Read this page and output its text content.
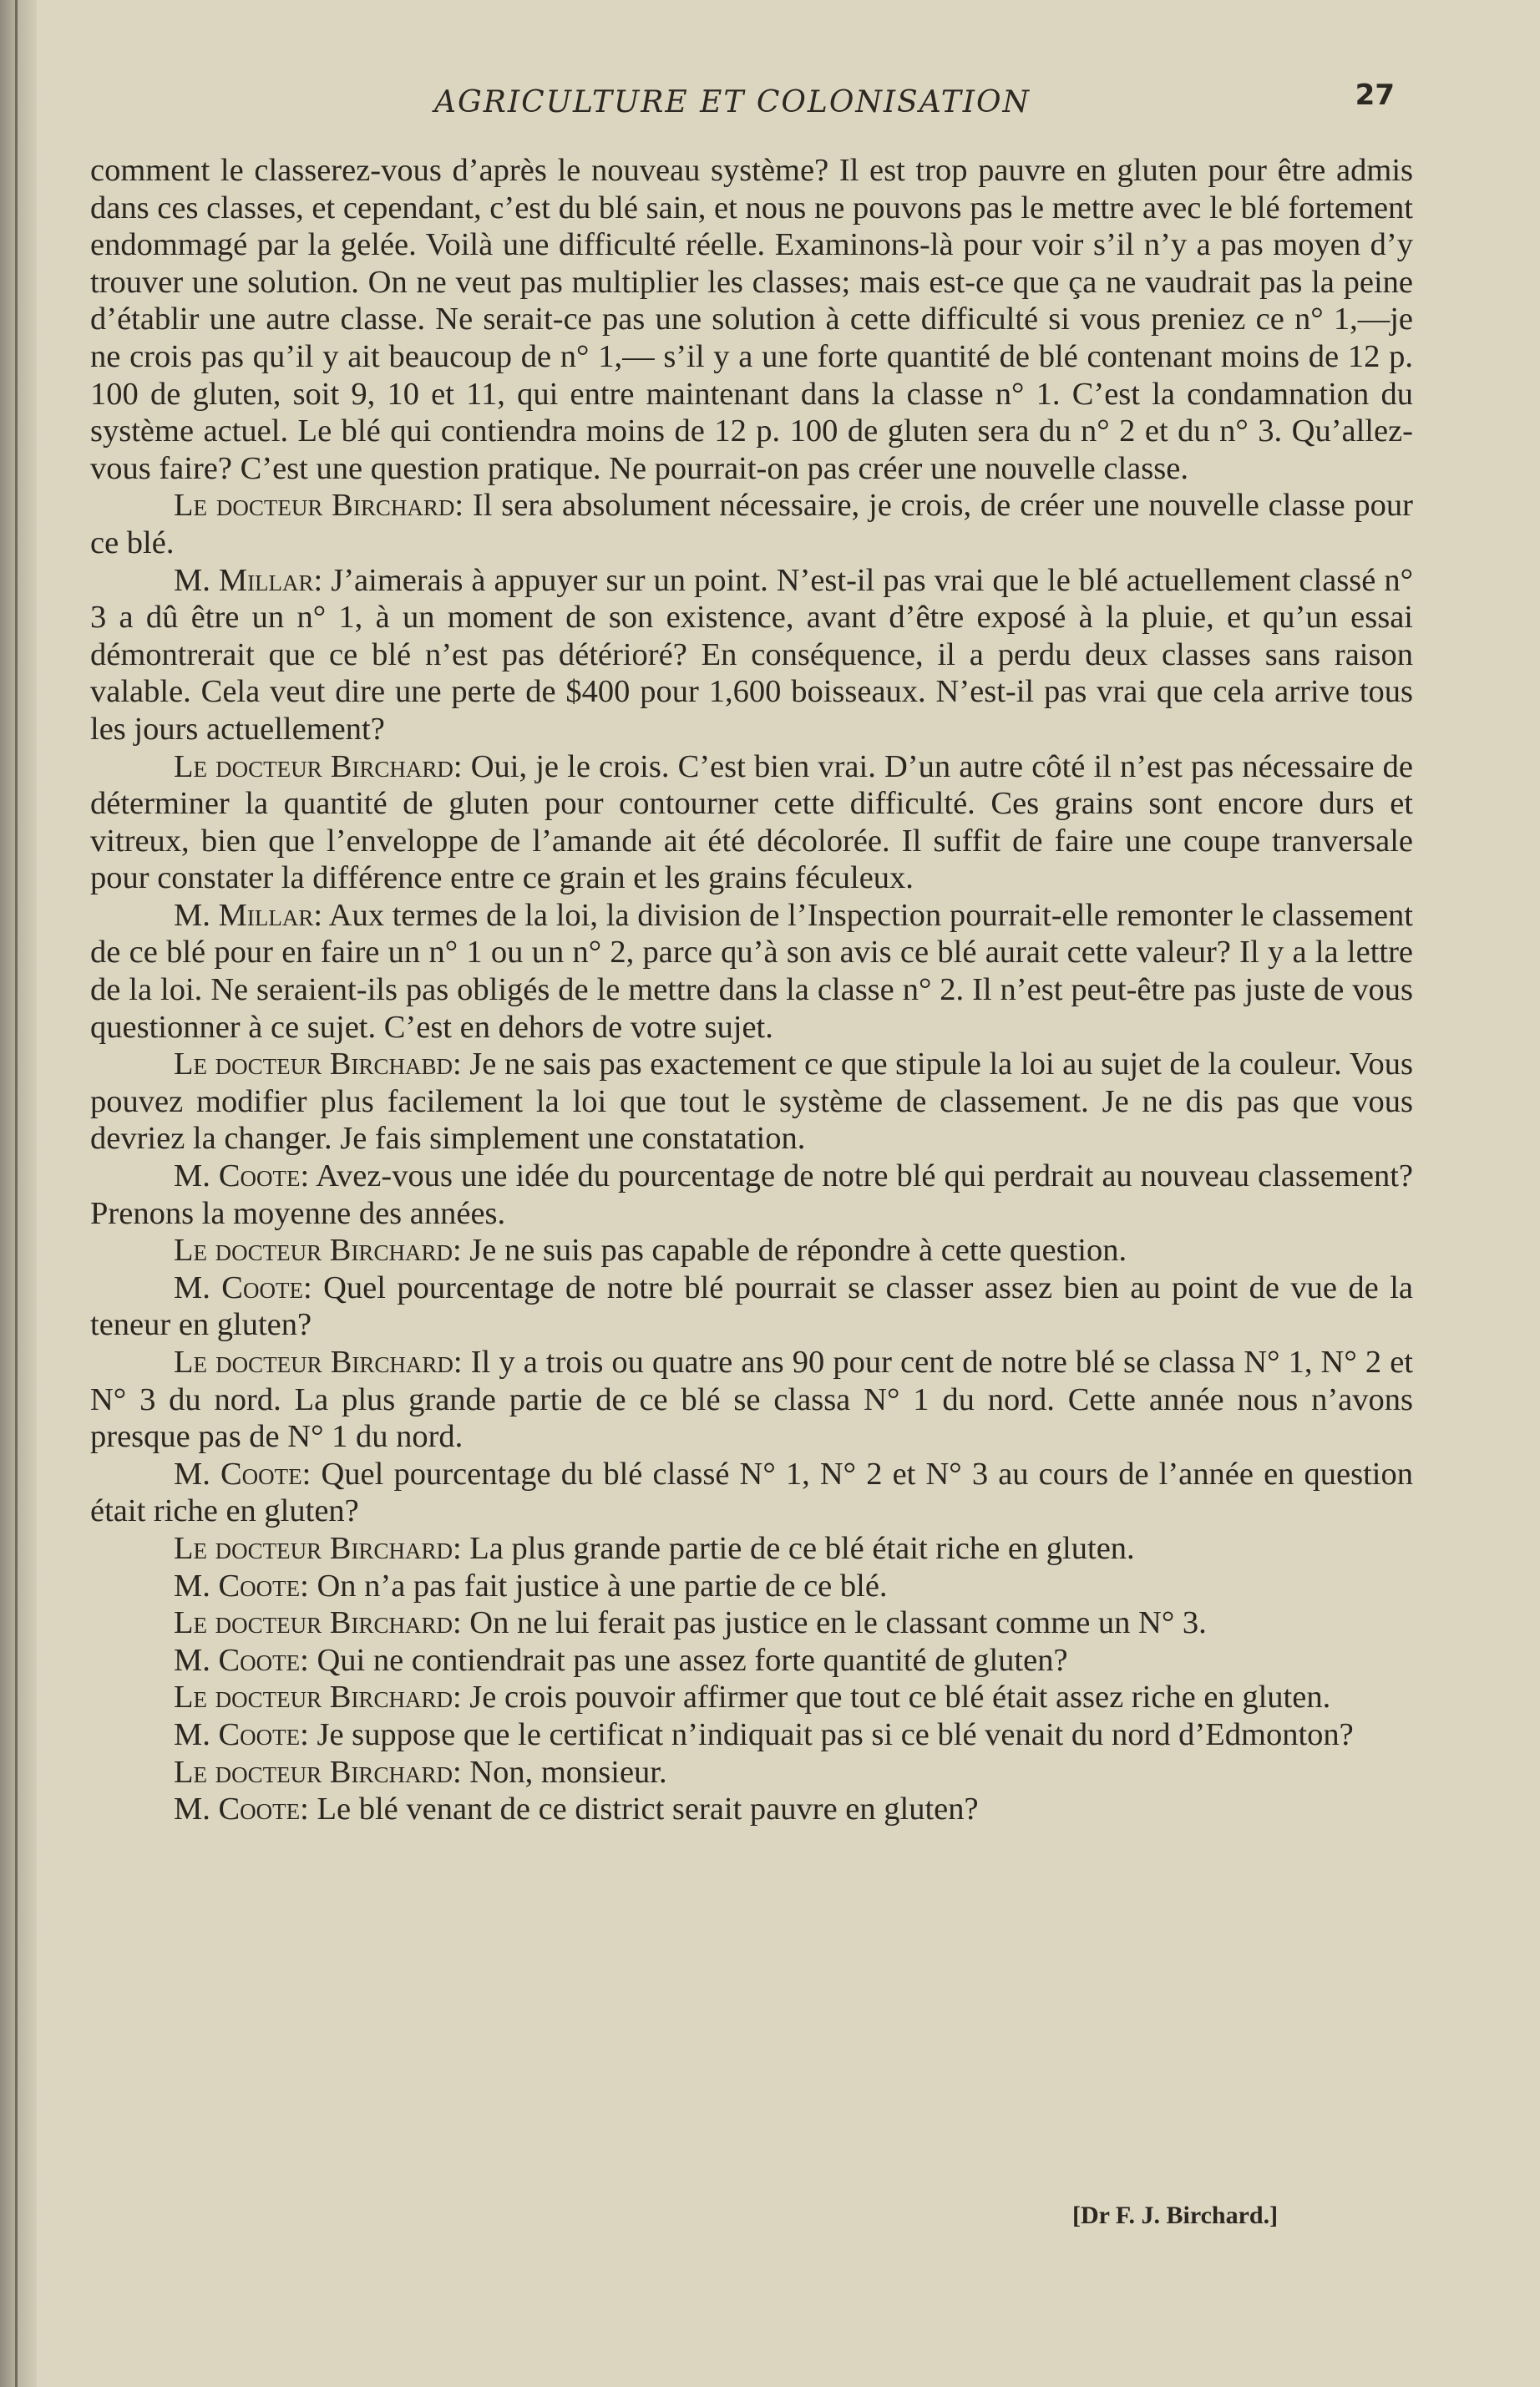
AGRICULTURE ET COLONISATION	27

comment le classerez-vous d’après le nouveau système? Il est trop pauvre en gluten pour être admis dans ces classes, et cependant, c’est du blé sain, et nous ne pouvons pas le mettre avec le blé fortement endommagé par la gelée. Voilà une difficulté réelle. Examinons-là pour voir s’il n’y a pas moyen d’y trouver une solution. On ne veut pas multiplier les classes; mais est-ce que ça ne vaudrait pas la peine d’établir une autre classe. Ne serait-ce pas une solution à cette difficulté si vous preniez ce n° 1,—je ne crois pas qu’il y ait beaucoup de n° 1,— s’il y a une forte quantité de blé contenant moins de 12 p. 100 de gluten, soit 9, 10 et 11, qui entre maintenant dans la classe n° 1. C’est la condamnation du système actuel. Le blé qui contiendra moins de 12 p. 100 de gluten sera du n° 2 et du n° 3. Qu’allez-vous faire? C’est une question pratique. Ne pourrait-on pas créer une nouvelle classe.

Le docteur Birchard: Il sera absolument nécessaire, je crois, de créer une nouvelle classe pour ce blé.

M. Millar: J’aimerais à appuyer sur un point. N’est-il pas vrai que le blé actuellement classé n° 3 a dû être un n° 1, à un moment de son existence, avant d’être exposé à la pluie, et qu’un essai démontrerait que ce blé n’est pas détérioré? En conséquence, il a perdu deux classes sans raison valable. Cela veut dire une perte de $400 pour 1,600 boisseaux. N’est-il pas vrai que cela arrive tous les jours actuellement?

Le docteur Birchard: Oui, je le crois. C’est bien vrai. D’un autre côté il n’est pas nécessaire de déterminer la quantité de gluten pour contourner cette difficulté. Ces grains sont encore durs et vitreux, bien que l’enveloppe de l’amande ait été décolorée. Il suffit de faire une coupe tranversale pour constater la différence entre ce grain et les grains féculeux.

M. Millar: Aux termes de la loi, la division de l’Inspection pourrait-elle remonter le classement de ce blé pour en faire un n° 1 ou un n° 2, parce qu’à son avis ce blé aurait cette valeur? Il y a la lettre de la loi. Ne seraient-ils pas obligés de le mettre dans la classe n° 2. Il n’est peut-être pas juste de vous questionner à ce sujet. C’est en dehors de votre sujet.

Le docteur Birchabd: Je ne sais pas exactement ce que stipule la loi au sujet de la couleur. Vous pouvez modifier plus facilement la loi que tout le système de classement. Je ne dis pas que vous devriez la changer. Je fais simplement une constatation.

M. Coote: Avez-vous une idée du pourcentage de notre blé qui perdrait au nouveau classement? Prenons la moyenne des années.

Le docteur Birchard: Je ne suis pas capable de répondre à cette question.

M. Coote: Quel pourcentage de notre blé pourrait se classer assez bien au point de vue de la teneur en gluten?

Le docteur Birchard: Il y a trois ou quatre ans 90 pour cent de notre blé se classa N° 1, N° 2 et N° 3 du nord. La plus grande partie de ce blé se classa N° 1 du nord. Cette année nous n’avons presque pas de N° 1 du nord.

M. Coote: Quel pourcentage du blé classé N° 1, N° 2 et N° 3 au cours de l’année en question était riche en gluten?

Le docteur Birchard: La plus grande partie de ce blé était riche en gluten.

M. Coote: On n’a pas fait justice à une partie de ce blé.

Le docteur Birchard: On ne lui ferait pas justice en le classant comme un N° 3.

M. Coote: Qui ne contiendrait pas une assez forte quantité de gluten?

Le docteur Birchard: Je crois pouvoir affirmer que tout ce blé était assez riche en gluten.

M. Coote: Je suppose que le certificat n’indiquait pas si ce blé venait du nord d’Edmonton?

Le docteur Birchard: Non, monsieur.

M. Coote: Le blé venant de ce district serait pauvre en gluten?

[Dr F. J. Birchard.]
